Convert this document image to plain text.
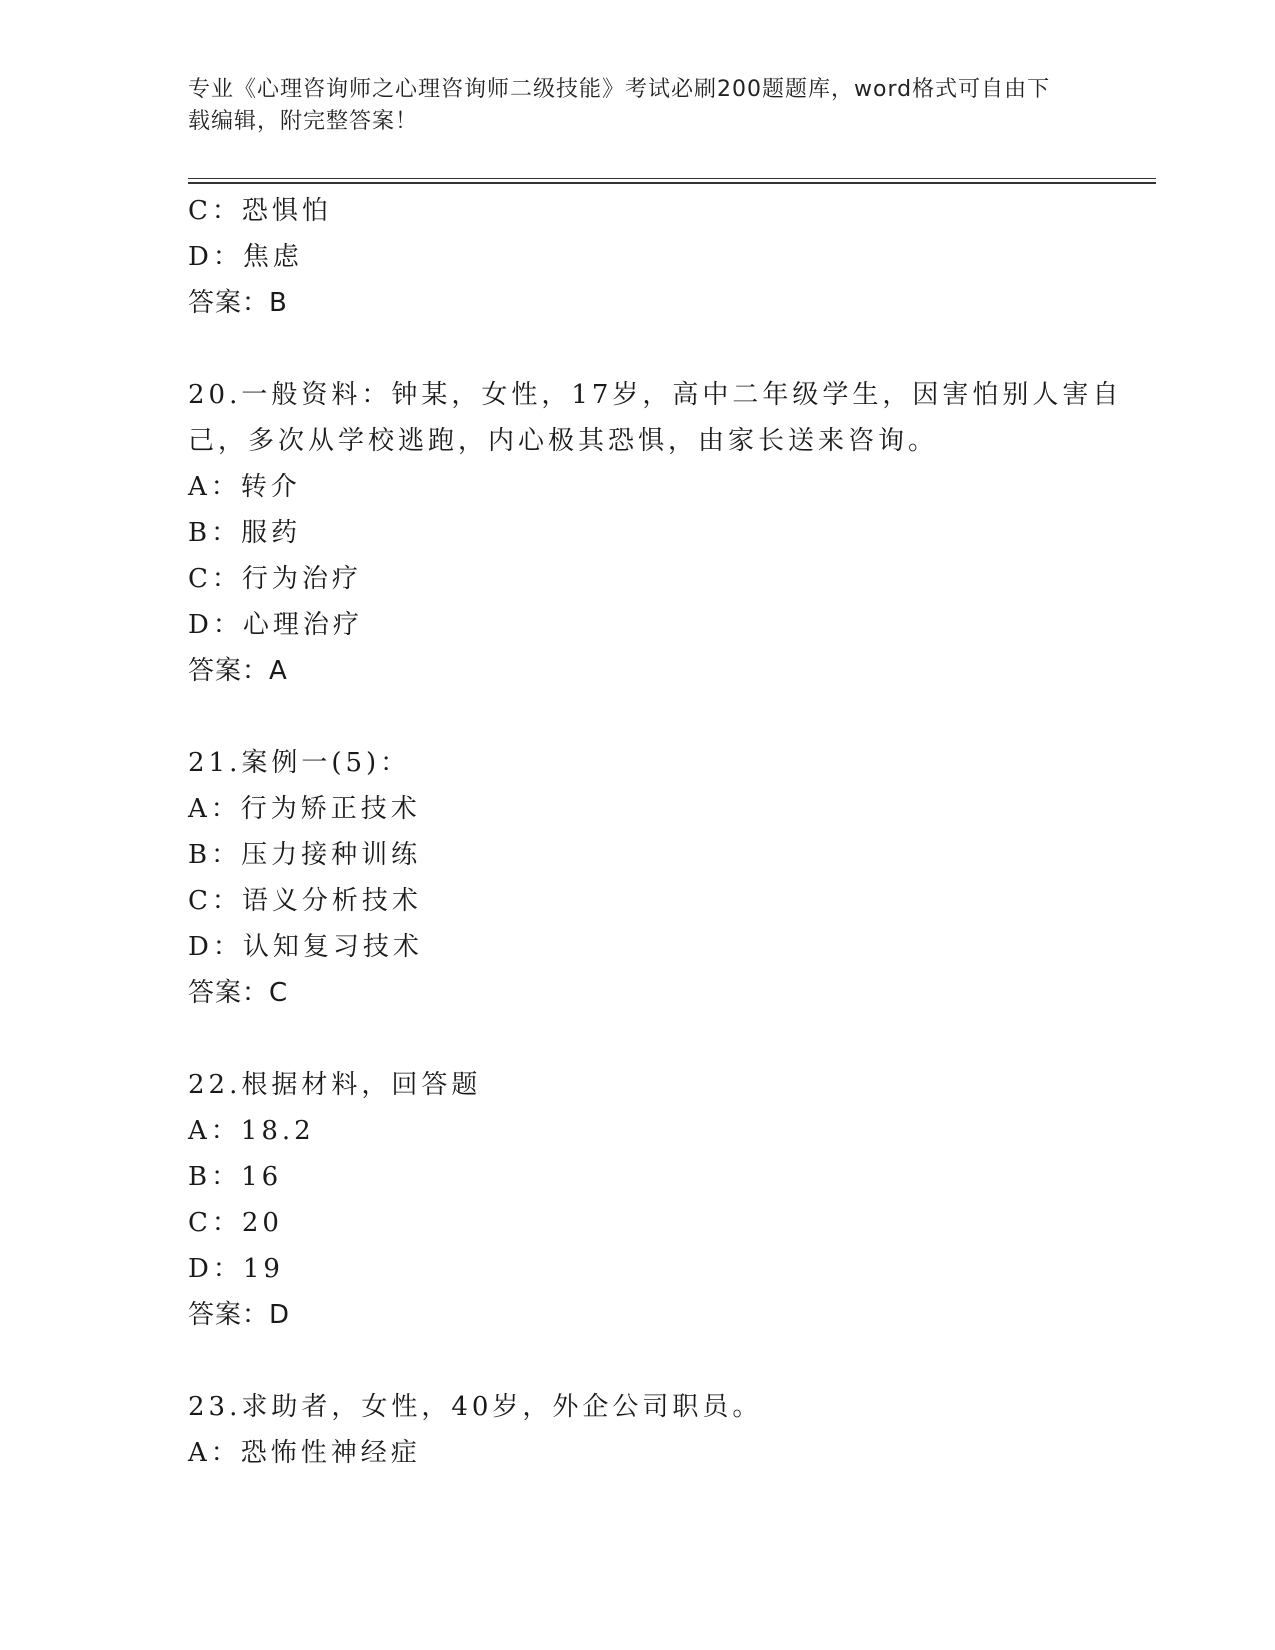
专业《心理咨询师之心理咨询师二级技能》考试必刷200题题库，word格式可自由下载编辑，附完整答案！
C：恐惧怕
D：焦虑
答案：B
20.一般资料：钟某，女性，17岁，高中二年级学生，因害怕别人害自
己，多次从学校逃跑，内心极其恐惧，由家长送来咨询。
A：转介
B：服药
C：行为治疗
D：心理治疗
答案：A
21.案例一(5)：
A：行为矫正技术
B：压力接种训练
C：语义分析技术
D：认知复习技术
答案：C
22.根据材料，回答题
A：18.2
B：16
C：20
D：19
答案：D
23.求助者，女性，40岁，外企公司职员。
A：恐怖性神经症
